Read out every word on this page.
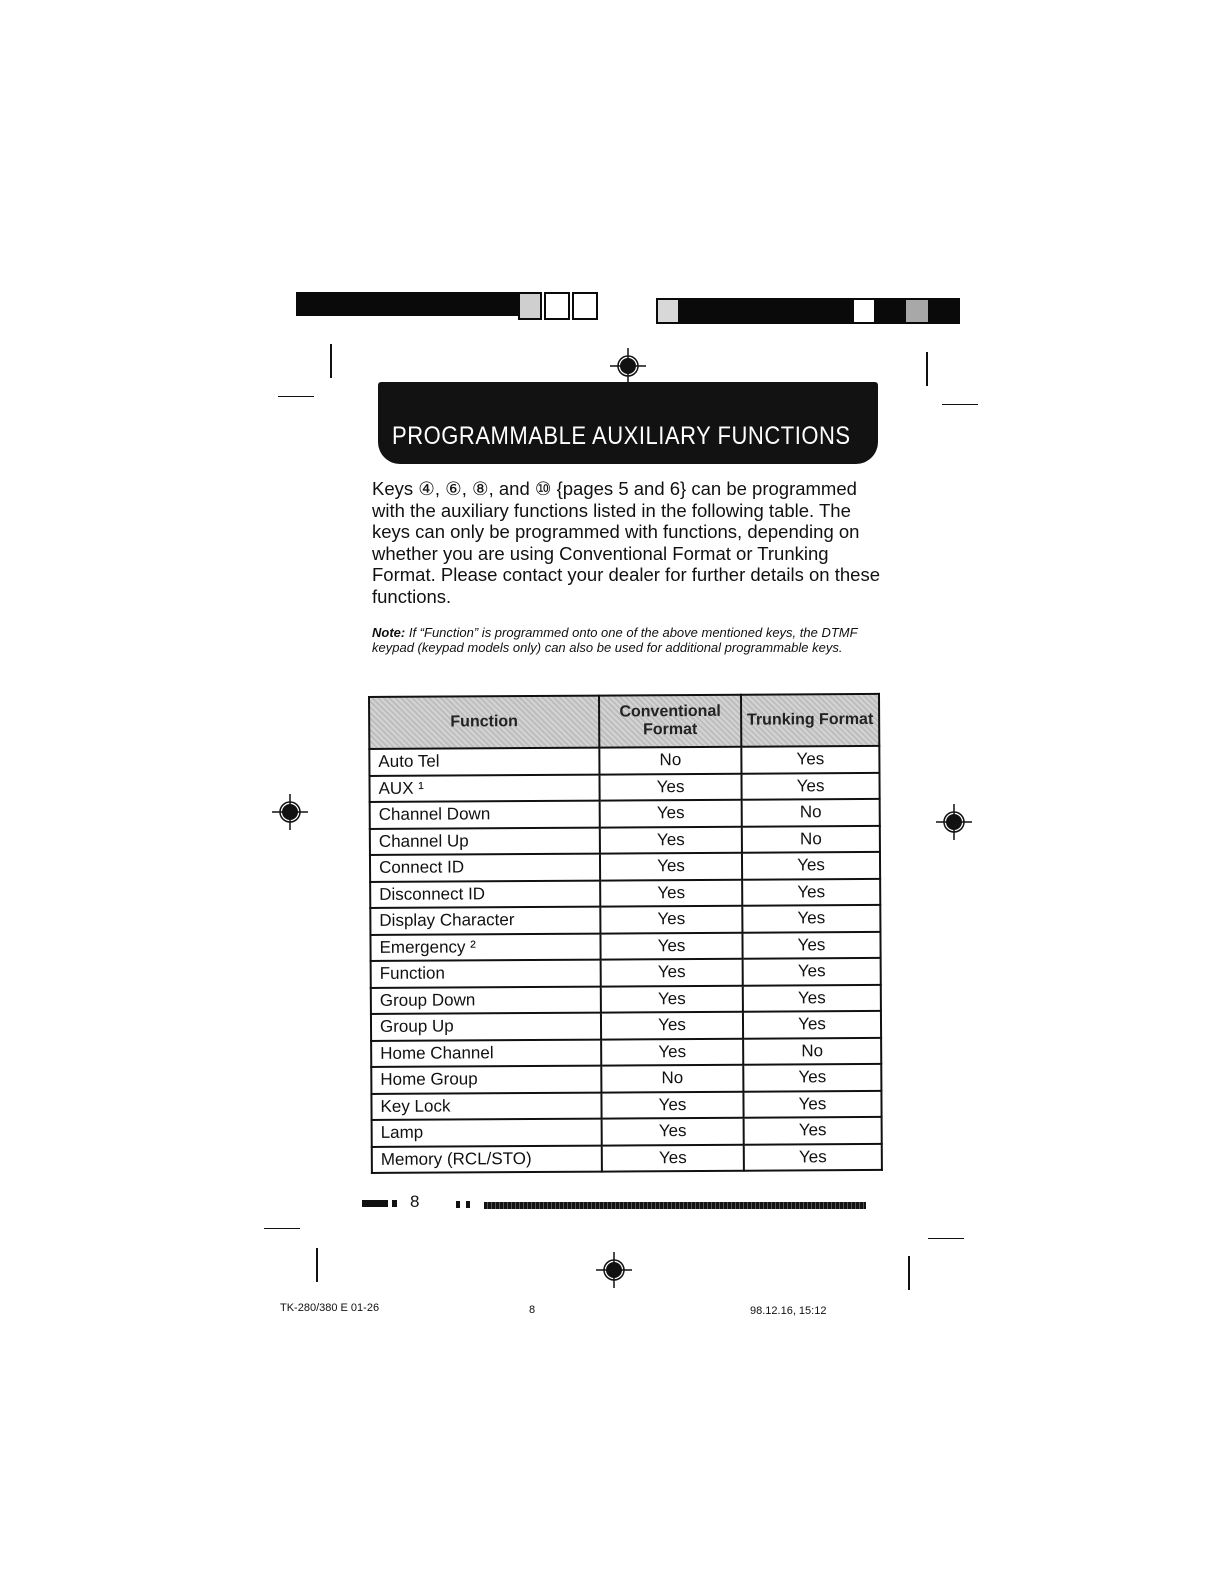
PROGRAMMABLE AUXILIARY FUNCTIONS

Keys ④, ⑥, ⑧, and ⑩ {pages 5 and 6} can be programmed with the auxiliary functions listed in the following table. The keys can only be programmed with functions, depending on whether you are using Conventional Format or Trunking Format. Please contact your dealer for further details on these functions.

Note: If “Function” is programmed onto one of the above mentioned keys, the DTMF keypad (keypad models only) can also be used for additional programmable keys.

Function	Conventional Format	Trunking Format
Auto Tel	No	Yes
AUX ¹	Yes	Yes
Channel Down	Yes	No
Channel Up	Yes	No
Connect ID	Yes	Yes
Disconnect ID	Yes	Yes
Display Character	Yes	Yes
Emergency ²	Yes	Yes
Function	Yes	Yes
Group Down	Yes	Yes
Group Up	Yes	Yes
Home Channel	Yes	No
Home Group	No	Yes
Key Lock	Yes	Yes
Lamp	Yes	Yes
Memory (RCL/STO)	Yes	Yes
8
TK-280/380 E 01-26	8	98.12.16, 15:12
